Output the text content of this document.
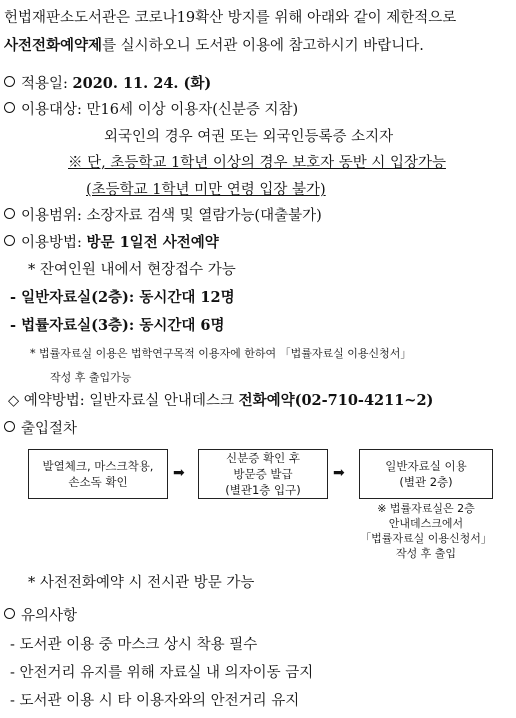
헌법재판소도서관은 코로나19확산 방지를 위해 아래와 같이 제한적으로
사전전화예약제를 실시하오니 도서관 이용에 참고하시기 바랍니다.
적용일: 2020. 11. 24. (화)
이용대상: 만16세 이상 이용자(신분증 지참)
외국인의 경우 여권 또는 외국인등록증 소지자
※ 단, 초등학교 1학년 이상의 경우 보호자 동반 시 입장가능
(초등학교 1학년 미만 연령 입장 불가)
이용범위: 소장자료 검색 및 열람가능(대출불가)
이용방법: 방문 1일전 사전예약
* 잔여인원 내에서 현장접수 가능
- 일반자료실(2층): 동시간대 12명
- 법률자료실(3층): 동시간대 6명
* 법률자료실 이용은 법학연구목적 이용자에 한하여 「법률자료실 이용신청서」
작성 후 출입가능
◇ 예약방법: 일반자료실 안내데스크 전화예약(02-710-4211~2)
출입절차
발열체크, 마스크착용,
손소독 확인
➡
신분증 확인 후
방문증 발급
(별관1층 입구)
➡	일반자료실 이용
(별관 2층)
※ 법률자료실은 2층
안내데스크에서
「법률자료실 이용신청서」
작성 후 출입
* 사전전화예약 시 전시관 방문 가능
유의사항
- 도서관 이용 중 마스크 상시 착용 필수
- 안전거리 유지를 위해 자료실 내 의자이동 금지
- 도서관 이용 시 타 이용자와의 안전거리 유지
